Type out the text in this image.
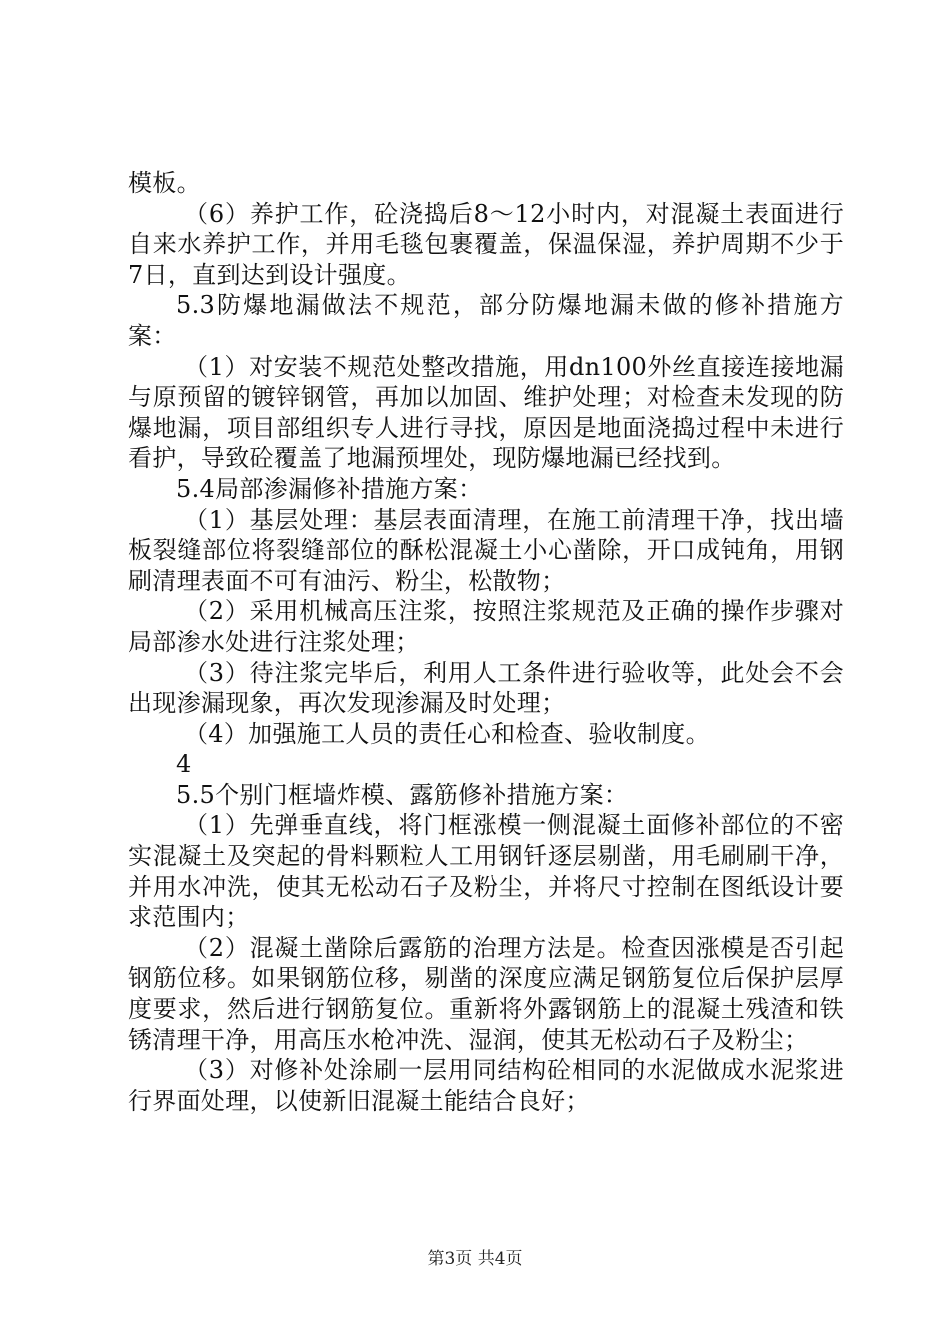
模板。

（6）养护工作，砼浇捣后8～12小时内，对混凝土表面进行自来水养护工作，并用毛毯包裹覆盖，保温保湿，养护周期不少于7日，直到达到设计强度。

5.3防爆地漏做法不规范，部分防爆地漏未做的修补措施方案：

（1）对安装不规范处整改措施，用dn100外丝直接连接地漏与原预留的镀锌钢管，再加以加固、维护处理；对检查未发现的防爆地漏，项目部组织专人进行寻找，原因是地面浇捣过程中未进行看护，导致砼覆盖了地漏预埋处，现防爆地漏已经找到。

5.4局部渗漏修补措施方案：

（1）基层处理：基层表面清理，在施工前清理干净，找出墙板裂缝部位将裂缝部位的酥松混凝土小心凿除，开口成钝角，用钢刷清理表面不可有油污、粉尘，松散物；

（2）采用机械高压注浆，按照注浆规范及正确的操作步骤对局部渗水处进行注浆处理；

（3）待注浆完毕后，利用人工条件进行验收等，此处会不会出现渗漏现象，再次发现渗漏及时处理；

（4）加强施工人员的责任心和检查、验收制度。

4

5.5个别门框墙炸模、露筋修补措施方案：

（1）先弹垂直线，将门框涨模一侧混凝土面修补部位的不密实混凝土及突起的骨料颗粒人工用钢钎逐层剔凿，用毛刷刷干净，并用水冲洗，使其无松动石子及粉尘，并将尺寸控制在图纸设计要求范围内；

（2）混凝土凿除后露筋的治理方法是。检查因涨模是否引起钢筋位移。如果钢筋位移，剔凿的深度应满足钢筋复位后保护层厚度要求，然后进行钢筋复位。重新将外露钢筋上的混凝土残渣和铁锈清理干净，用高压水枪冲洗、湿润，使其无松动石子及粉尘；

（3）对修补处涂刷一层用同结构砼相同的水泥做成水泥浆进行界面处理，以使新旧混凝土能结合良好；

第3页 共4页
